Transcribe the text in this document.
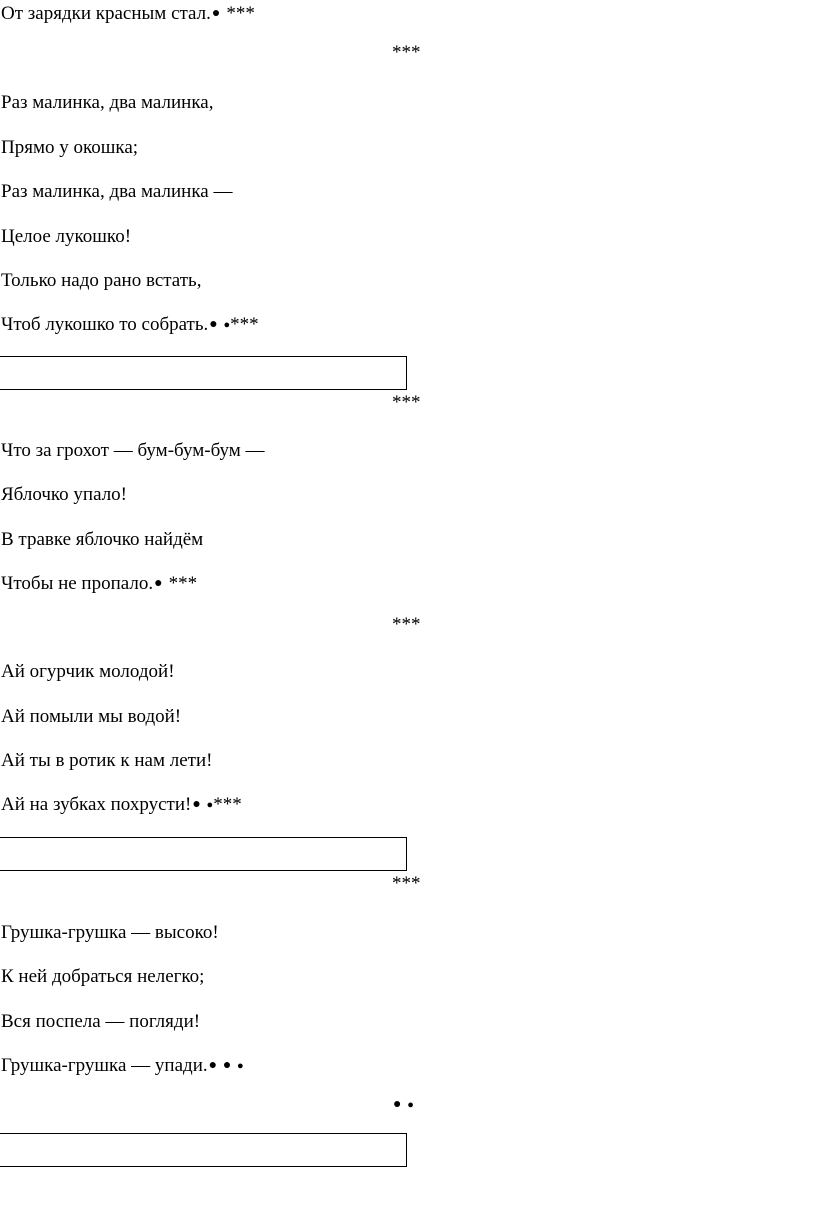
От зарядки красным стал.● ***
***
Раз малинка, два малинка,
Прямо у окошка;
Раз малинка, два малинка —
Целое лукошко!
Только надо рано встать,
Чтоб лукошко то собрать.● ●***
***
Что за грохот — бум-бум-бум —
Яблочко упало!
В травке яблочко найдём
Чтобы не пропало.● ***
***
Ай огурчик молодой!
Ай помыли мы водой!
Ай ты в ротик к нам лети!
Ай на зубках похрусти!● ●***
***
Грушка-грушка — высоко!
К ней добраться нелегко;
Вся поспела — погляди!
Грушка-грушка — упади.● ● ●
● ●
